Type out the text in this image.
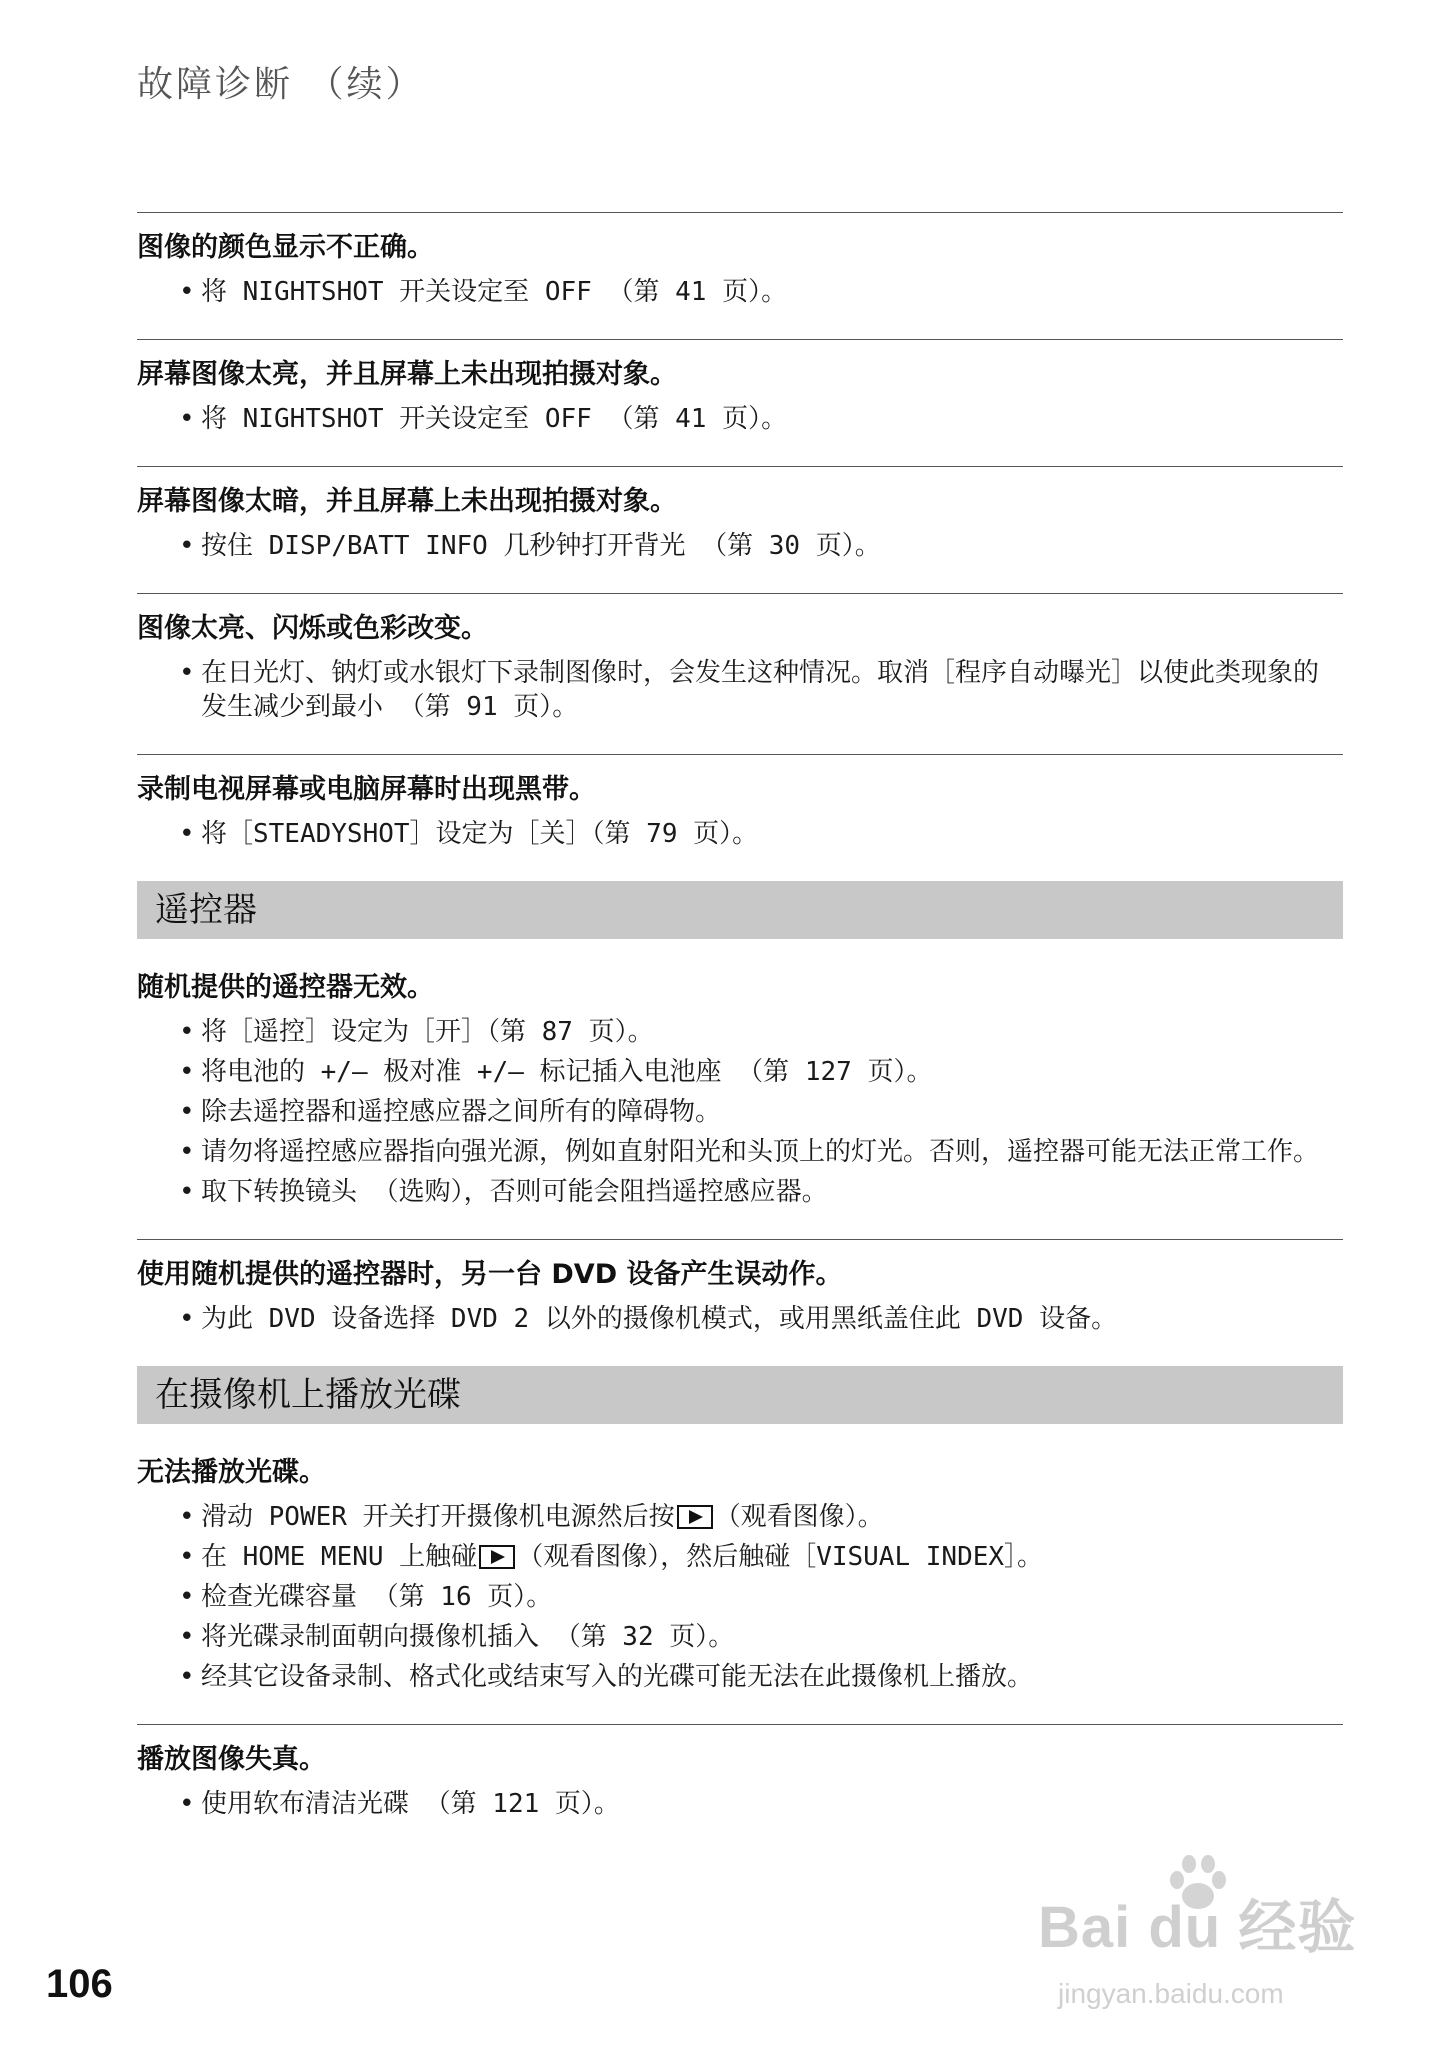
故障诊断 （续）
图像的颜色显示不正确。
• 将 NIGHTSHOT 开关设定至 OFF （第 41 页）。
屏幕图像太亮，并且屏幕上未出现拍摄对象。
• 将 NIGHTSHOT 开关设定至 OFF （第 41 页）。
屏幕图像太暗，并且屏幕上未出现拍摄对象。
• 按住 DISP/BATT INFO 几秒钟打开背光 （第 30 页）。
图像太亮、闪烁或色彩改变。
• 在日光灯、钠灯或水银灯下录制图像时，会发生这种情况。取消［程序自动曝光］以使此类现象的发生减少到最小 （第 91 页）。
录制电视屏幕或电脑屏幕时出现黑带。
• 将［STEADYSHOT］设定为［关］（第 79 页）。
遥控器
随机提供的遥控器无效。
• 将［遥控］设定为［开］（第 87 页）。
• 将电池的 +/– 极对准 +/– 标记插入电池座 （第 127 页）。
• 除去遥控器和遥控感应器之间所有的障碍物。
• 请勿将遥控感应器指向强光源，例如直射阳光和头顶上的灯光。否则，遥控器可能无法正常工作。
• 取下转换镜头 （选购），否则可能会阻挡遥控感应器。
使用随机提供的遥控器时，另一台 DVD 设备产生误动作。
• 为此 DVD 设备选择 DVD 2 以外的摄像机模式，或用黑纸盖住此 DVD 设备。
在摄像机上播放光碟
无法播放光碟。
• 滑动 POWER 开关打开摄像机电源然后按 （观看图像）。
• 在 HOME MENU 上触碰 （观看图像），然后触碰［VISUAL INDEX］。
• 检查光碟容量 （第 16 页）。
• 将光碟录制面朝向摄像机插入 （第 32 页）。
• 经其它设备录制、格式化或结束写入的光碟可能无法在此摄像机上播放。
播放图像失真。
• 使用软布清洁光碟 （第 121 页）。
106
Bai du 经验
jingyan.baidu.com
